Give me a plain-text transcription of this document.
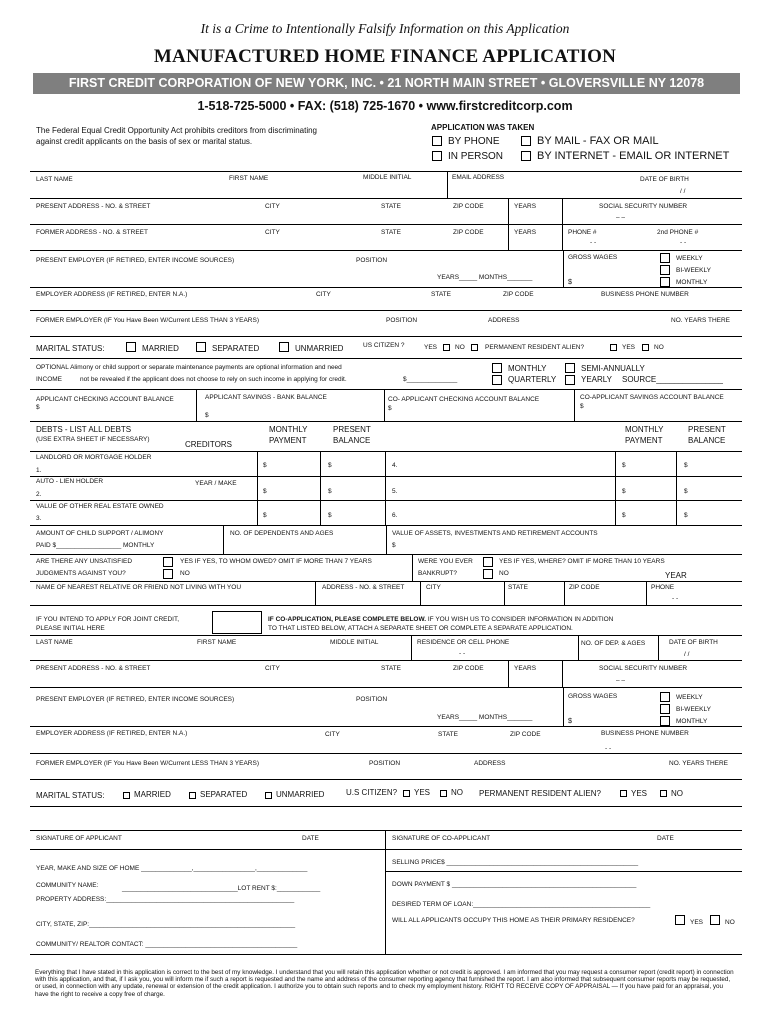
It is a Crime to Intentionally Falsify Information on this Application
MANUFACTURED HOME FINANCE APPLICATION
FIRST CREDIT CORPORATION OF NEW YORK, INC. • 21 NORTH MAIN STREET • GLOVERSVILLE NY 12078
1-518-725-5000 • FAX: (518) 725-1670 • www.firstcreditcorp.com
The Federal Equal Credit Opportunity Act prohibits creditors from discriminating
against credit applicants on the basis of sex or marital status.
APPLICATION WAS TAKEN
BY PHONE
IN PERSON
BY MAIL - FAX OR MAIL
BY INTERNET - EMAIL OR INTERNET
LAST NAME	FIRST NAME	MIDDLE INITIAL	EMAIL ADDRESS	DATE OF BIRTH
/ /
PRESENT ADDRESS - NO. & STREET	CITY	STATE	ZIP CODE	YEARS	SOCIAL SECURITY NUMBER
– –
FORMER ADDRESS - NO. & STREET	CITY	STATE	ZIP CODE	YEARS	PHONE #	2nd PHONE #
- -	- -
PRESENT EMPLOYER (IF RETIRED, ENTER INCOME SOURCES)	POSITION	GROSS WAGES	WEEKLY
BI-WEEKLY
MONTHLY
YEARS_____ MONTHS_______	$
EMPLOYER ADDRESS (IF RETIRED, ENTER N.A.)	CITY	STATE	ZIP CODE	BUSINESS PHONE NUMBER
FORMER EMPLOYER (IF You Have Been W/Current LESS THAN 3 YEARS)	POSITION	ADDRESS	NO. YEARS THERE
MARITAL STATUS:	MARRIED	SEPARATED	UNMARRIED	US CITIZEN ?	YES	NO	PERMANENT RESIDENT ALIEN?	YES	NO
OPTIONAL Alimony or child support or separate maintenance payments are optional information and need
INCOME	not be revealed if the applicant does not choose to rely on such income in applying for credit.	$______________
MONTHLY
QUARTERLY
SEMI-ANNUALLY
YEARLY SOURCE_______________
APPLICANT CHECKING ACCOUNT BALANCE
$
APPLICANT SAVINGS - BANK BALANCE
$
CO- APPLICANT CHECKING ACCOUNT BALANCE
$
CO-APPLICANT SAVINGS ACCOUNT BALANCE
$
DEBTS - LIST ALL DEBTS
(USE EXTRA SHEET IF NECESSARY)
CREDITORS
MONTHLY
PAYMENT
PRESENT
BALANCE
MONTHLY
PAYMENT
PRESENT
BALANCE
LANDLORD OR MORTGAGE HOLDER
1.
$	$	4.	$	$
AUTO - LIEN HOLDER	YEAR / MAKE
2.	$	$	5.	$	$
VALUE OF OTHER REAL ESTATE OWNED
3.	$	$	6.	$	$
AMOUNT OF CHILD SUPPORT / ALIMONY
PAID $__________________ MONTHLY
NO. OF DEPENDENTS AND AGES	VALUE OF ASSETS, INVESTMENTS AND RETIREMENT ACCOUNTS
$
ARE THERE ANY UNSATISFIED
JUDGMENTS AGAINST YOU?
YES IF YES, TO WHOM OWED? OMIT IF MORE THAN 7 YEARS
NO
WERE YOU EVER
BANKRUPT?
YES IF YES, WHERE? OMIT IF MORE THAN 10 YEARS
NO	YEAR
NAME OF NEAREST RELATIVE OR FRIEND NOT LIVING WITH YOU	ADDRESS - NO. & STREET	CITY	STATE	ZIP CODE	PHONE
- -
IF YOU INTEND TO APPLY FOR JOINT CREDIT,
PLEASE INITIAL HERE
IF CO-APPLICATION, PLEASE COMPLETE BELOW. IF YOU WISH US TO CONSIDER INFORMATION IN ADDITION
TO THAT LISTED BELOW, ATTACH A SEPARATE SHEET OR COMPLETE A SEPARATE APPLICATION.
LAST NAME	FIRST NAME	MIDDLE INITIAL	RESIDENCE OR CELL PHONE
- -
NO. OF DEP. & AGES	DATE OF BIRTH
/ /
PRESENT ADDRESS - NO. & STREET	CITY	STATE	ZIP CODE	YEARS	SOCIAL SECURITY NUMBER
– –
PRESENT EMPLOYER (IF RETIRED, ENTER INCOME SOURCES)	POSITION	GROSS WAGES	WEEKLY
BI-WEEKLY
MONTHLY
YEARS_____ MONTHS_______	$
EMPLOYER ADDRESS (IF RETIRED, ENTER N.A.)	CITY	STATE	ZIP CODE	BUSINESS PHONE NUMBER
- -
FORMER EMPLOYER (IF You Have Been W/Current LESS THAN 3 YEARS)	POSITION	ADDRESS	NO. YEARS THERE
MARITAL STATUS:	MARRIED	SEPARATED	UNMARRIED	U.S CITIZEN? YES	NO PERMANENT RESIDENT ALIEN?	YES	NO
SIGNATURE OF APPLICANT	DATE	SIGNATURE OF CO-APPLICANT	DATE
YEAR, MAKE AND SIZE OF HOME ______________,_________________,______________
COMMUNITY NAME:	________________________________LOT RENT $:____________
PROPERTY ADDRESS:____________________________________________________
CITY, STATE, ZIP:_________________________________________________________
COMMUNITY/ REALTOR CONTACT: __________________________________________
SELLING PRICE$ _____________________________________________________
DOWN PAYMENT $ ___________________________________________________
DESIRED TERM OF LOAN:_________________________________________________
WILL ALL APPLICANTS OCCUPY THIS HOME AS THEIR PRIMARY RESIDENCE?	YES	NO
Everything that I have stated in this application is correct to the best of my knowledge. I understand that you will retain this application whether or not credit is approved. I am informed that you may request a consumer report (credit report) in connection with this application, and that, if I ask you, you will inform me if such a report is requested and the name and address of the consumer reporting agency that furnished the report. I am also informed that subsequent consumer reports may be requested, or used, in connection with any update, renewal or extension of the credit application. I authorize you to obtain such reports and to check my employment history. RIGHT TO RECEIVE COPY OF APPRAISAL — If you have paid for an appraisal, you have the right to receive a copy free of charge.
